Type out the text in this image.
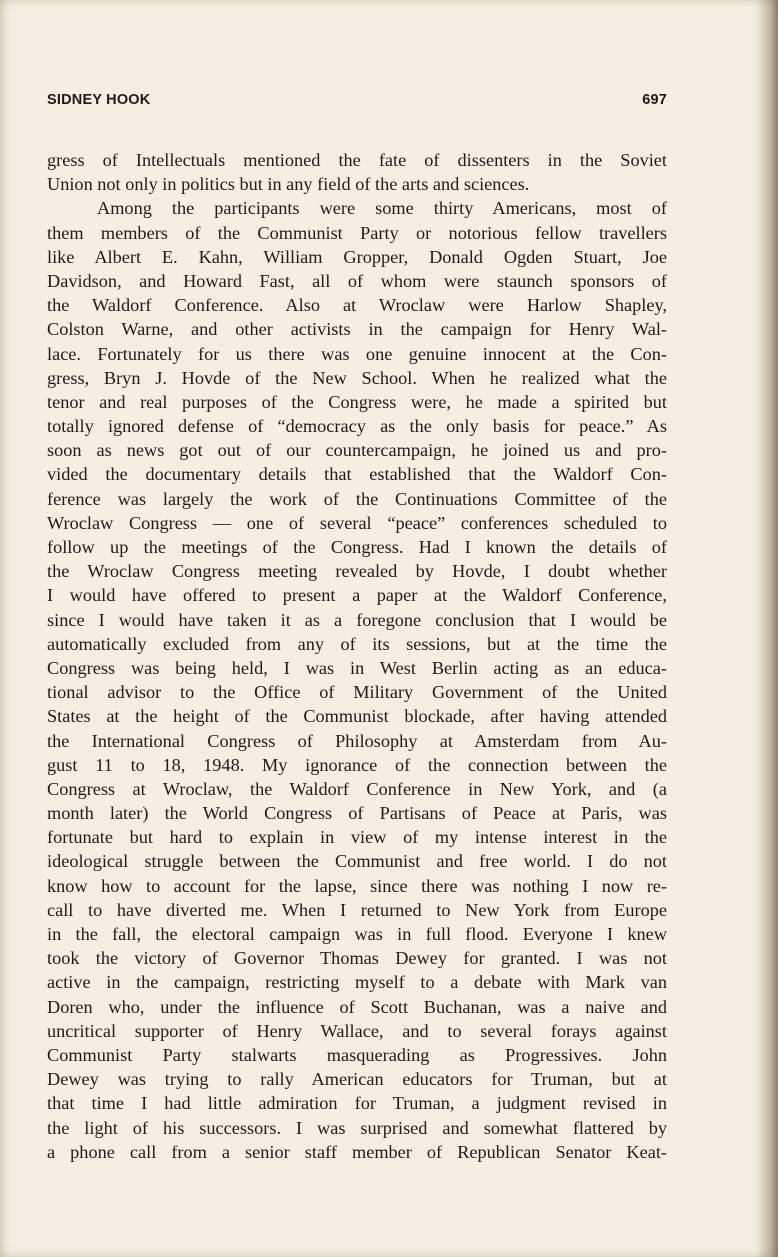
SIDNEY HOOK	697

gress of Intellectuals mentioned the fate of dissenters in the Soviet
Union not only in politics but in any field of the arts and sciences.

Among the participants were some thirty Americans, most of
them members of the Communist Party or notorious fellow travellers
like Albert E. Kahn, William Gropper, Donald Ogden Stuart, Joe
Davidson, and Howard Fast, all of whom were staunch sponsors of
the Waldorf Conference. Also at Wroclaw were Harlow Shapley,
Colston Warne, and other activists in the campaign for Henry Wal-
lace. Fortunately for us there was one genuine innocent at the Con-
gress, Bryn J. Hovde of the New School. When he realized what the
tenor and real purposes of the Congress were, he made a spirited but
totally ignored defense of “democracy as the only basis for peace.” As
soon as news got out of our countercampaign, he joined us and pro-
vided the documentary details that established that the Waldorf Con-
ference was largely the work of the Continuations Committee of the
Wroclaw Congress — one of several “peace” conferences scheduled to
follow up the meetings of the Congress. Had I known the details of
the Wroclaw Congress meeting revealed by Hovde, I doubt whether
I would have offered to present a paper at the Waldorf Conference,
since I would have taken it as a foregone conclusion that I would be
automatically excluded from any of its sessions, but at the time the
Congress was being held, I was in West Berlin acting as an educa-
tional advisor to the Office of Military Government of the United
States at the height of the Communist blockade, after having attended
the International Congress of Philosophy at Amsterdam from Au-
gust 11 to 18, 1948. My ignorance of the connection between the
Congress at Wroclaw, the Waldorf Conference in New York, and (a
month later) the World Congress of Partisans of Peace at Paris, was
fortunate but hard to explain in view of my intense interest in the
ideological struggle between the Communist and free world. I do not
know how to account for the lapse, since there was nothing I now re-
call to have diverted me. When I returned to New York from Europe
in the fall, the electoral campaign was in full flood. Everyone I knew
took the victory of Governor Thomas Dewey for granted. I was not
active in the campaign, restricting myself to a debate with Mark van
Doren who, under the influence of Scott Buchanan, was a naive and
uncritical supporter of Henry Wallace, and to several forays against
Communist Party stalwarts masquerading as Progressives. John
Dewey was trying to rally American educators for Truman, but at
that time I had little admiration for Truman, a judgment revised in
the light of his successors. I was surprised and somewhat flattered by
a phone call from a senior staff member of Republican Senator Keat-
